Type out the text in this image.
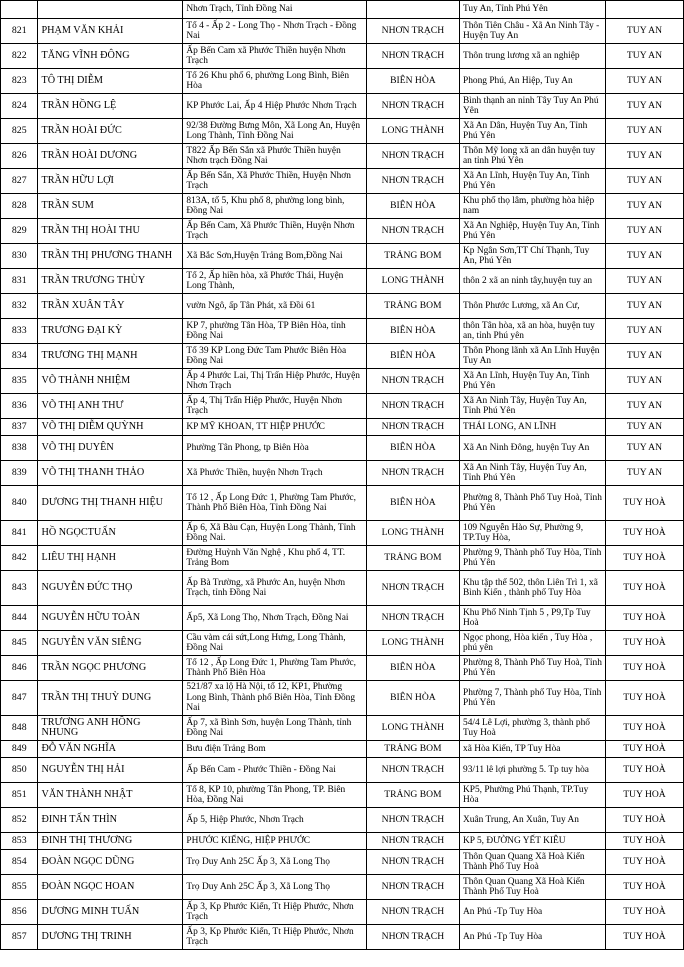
		Nhơn Trạch, Tỉnh Đồng Nai		Tuy An, Tỉnh Phú Yên	
821	PHẠM VĂN KHẢI	Tổ 4 - Ấp 2 - Long Thọ - Nhơn Trạch - Đồng Nai	NHƠN TRẠCH	Thôn Tiên Châu - Xã An Ninh Tây - Huyện Tuy An	TUY AN
822	TĂNG VĨNH ĐÔNG	Ấp Bến Cam xã Phước Thiền huyện Nhơn Trạch	NHƠN TRẠCH	Thôn trung lương xã an nghiệp	TUY AN
823	TÔ THỊ DIỄM	Tổ 26 Khu phố 6, phường Long Bình, Biên Hòa	BIÊN HÒA	Phong Phú, An Hiệp, Tuy An	TUY AN
824	TRẦN HỒNG LỆ	KP Phước Lai, Ấp 4 Hiệp Phước Nhơn Trạch	NHƠN TRẠCH	Bình thạnh an ninh Tây Tuy An Phú Yên	TUY AN
825	TRẦN HOÀI ĐỨC	92/38 Đường Bưng Môn, Xã Long An, Huyện Long Thành, Tỉnh Đồng Nai	LONG THÀNH	Xã An Dân, Huyện Tuy An, Tỉnh Phú Yên	TUY AN
826	TRẦN HOÀI DƯƠNG	T822 Ấp Bến Sắn xã Phước Thiền huyện Nhơn trạch Đồng Nai	NHƠN TRẠCH	Thôn Mỹ long xã an dân huyện tuy an tỉnh Phú Yên	TUY AN
827	TRẦN HỮU LỢI	Ấp Bến Sắn, Xã Phước Thiền, Huyện Nhơn Trạch	NHƠN TRẠCH	Xã An Lĩnh, Huyện Tuy An, Tỉnh Phú Yên	TUY AN
828	TRẦN SUM	813A, tổ 5, Khu phố 8, phường long bình, Đồng Nai	BIÊN HÒA	Khu phố thọ lâm, phường hòa hiệp nam	TUY AN
829	TRẦN THỊ HOÀI THU	Ấp Bến Cam, Xã Phước Thiền, Huyện Nhơn Trạch	NHƠN TRẠCH	Xã An Nghiệp, Huyện Tuy An, Tỉnh Phú Yên	TUY AN
830	TRẦN THỊ PHƯƠNG THANH	Xã Bắc Sơn,Huyện Trảng Bom,Đồng Nai	TRẢNG BOM	Kp Ngân Sơn,TT Chí Thạnh, Tuy An, Phú Yên	TUY AN
831	TRẦN TRƯƠNG THÙY	Tổ 2, Ấp hiền hòa, xã Phước Thái, Huyện Long Thành,	LONG THÀNH	thôn 2 xã an ninh tây,huyện tuy an	TUY AN
832	TRẦN XUÂN TÂY	vườn Ngô, ấp Tân Phát, xã Đồi 61	TRẢNG BOM	Thôn Phước Lương, xã An Cư,	TUY AN
833	TRƯƠNG ĐẠI KỲ	KP 7, phường Tân Hòa, TP Biên Hòa, tỉnh Đồng Nai	BIÊN HÒA	thôn Tân hòa, xã an hòa, huyện tuy an, tỉnh Phú yên	TUY AN
834	TRƯƠNG THỊ MẠNH	Tổ 39 KP Long Đức Tam Phước Biên Hòa Đồng Nai	BIÊN HÒA	Thôn Phong lãnh xã An Lĩnh Huyện Tuy An	TUY AN
835	VÕ THÀNH NHIỆM	Ấp 4 Phước Lai, Thị Trấn Hiệp Phước, Huyện Nhơn Trạch	NHƠN TRẠCH	Xã An Lĩnh, Huyện Tuy An, Tỉnh Phú Yên	TUY AN
836	VÕ THỊ ANH THƯ	Ấp 4, Thị Trấn Hiệp Phước, Huyện Nhơn Trạch	NHƠN TRẠCH	Xã An Ninh Tây, Huyện Tuy An, Tỉnh Phú Yên	TUY AN
837	VÕ THỊ DIỄM QUỲNH	KP MỸ KHOAN, TT HIỆP PHƯỚC	NHƠN TRẠCH	THÁI LONG, AN LĨNH	TUY AN
838	VÕ THỊ DUYÊN	Phường Tân Phong, tp Biên Hòa	BIÊN HÒA	Xã An Ninh Đông, huyện Tuy An	TUY AN
839	VÕ THỊ THANH THẢO	Xã Phước Thiền, huyện Nhơn Trạch	NHƠN TRẠCH	Xã An Ninh Tây, Huyện Tuy An, Tỉnh Phú Yên	TUY AN
840	DƯƠNG THỊ THANH HIỆU	Tổ 12 , Ấp Long Đức 1, Phường Tam Phước, Thành Phố Biên Hòa, Tỉnh Đồng Nai	BIÊN HÒA	Phường 8, Thành Phố Tuy Hoà, Tỉnh Phú Yên	TUY HOÀ
841	HỒ NGỌCTUẤN	Ấp 6, Xã Bàu Cạn, Huyện Long Thành, Tỉnh Đồng Nai.	LONG THÀNH	109 Nguyễn Hào Sự, Phường 9, TP.Tuy Hòa,	TUY HOÀ
842	LIÊU THỊ HẠNH	Đường Huỳnh Văn Nghệ , Khu phố 4, TT. Trảng Bom	TRẢNG BOM	Phường 9, Thành phố Tuy Hòa, Tỉnh Phú Yên	TUY HOÀ
843	NGUYỄN ĐỨC THỌ	Ấp Bà Trường, xã Phước An, huyện Nhơn Trạch, tỉnh Đồng Nai	NHƠN TRẠCH	Khu tập thể 502, thôn Liên Trì 1, xã Bình Kiến , thành phố Tuy Hòa	TUY HOÀ
844	NGUYỄN HỮU TOÀN	Ấp5, Xã Long Thọ, Nhơn Trạch, Đồng Nai	NHƠN TRẠCH	Khu Phố Ninh Tịnh 5 , P9,Tp Tuy Hoà	TUY HOÀ
845	NGUYỄN VĂN SIÊNG	Cầu vàm cái sứt,Long Hưng, Long Thành, Đồng Nai	LONG THÀNH	Ngọc phong, Hòa kiến , Tuy Hòa , phú yên	TUY HOÀ
846	TRẦN NGỌC PHƯƠNG	Tổ 12 , Ấp Long Đức 1, Phường Tam Phước, Thành Phố Biên Hòa	BIÊN HÒA	Phường 8, Thành Phố Tuy Hoà, Tỉnh Phú Yên	TUY HOÀ
847	TRẦN THỊ THUỲ DUNG	521/87 xa lộ Hà Nội, tổ 12, KP1, Phường Long Bình, Thành phố Biên Hòa, Tỉnh Đồng Nai	BIÊN HÒA	Phường 7, Thành phố Tuy Hòa, Tỉnh Phú Yên	TUY HOÀ
848	TRƯƠNG ANH HỒNG NHUNG	Ấp 7, xã Bình Sơn, huyện Long Thành, tỉnh Đồng Nai	LONG THÀNH	54/4 Lê Lợi, phường 3, thành phố Tuy Hoà	TUY HOÀ
849	ĐỖ VĂN NGHĨA	Bưu điện Trảng Bom	TRẢNG BOM	xã Hòa Kiến, TP Tuy Hòa	TUY HOÀ
850	NGUYỄN THỊ HẢI	Ấp Bến Cam - Phước Thiền - Đồng Nai	NHƠN TRẠCH	93/11 lê lợi phường 5. Tp tuy hòa	TUY HOÀ
851	VĂN THÀNH NHẬT	Tổ 8, KP 10, phường Tân Phong, TP. Biên Hòa, Đồng Nai	TRẢNG BOM	KP5, Phường Phú Thạnh, TP.Tuy Hòa	TUY HOÀ
852	ĐINH TẤN THÌN	Ấp 5, Hiệp Phước, Nhơn Trạch	NHƠN TRẠCH	Xuân Trung, An Xuân, Tuy An	TUY HOÀ
853	ĐINH THỊ THƯƠNG	PHƯỚC KIỂNG, HIỆP PHƯỚC	NHƠN TRẠCH	KP 5, ĐƯỜNG YẾT KIÊU	TUY HOÀ
854	ĐOÀN NGỌC DŨNG	Trọ Duy Anh 25C Ấp 3, Xã Long Thọ	NHƠN TRẠCH	Thôn Quan Quang Xã Hoà Kiến Thành Phố Tuy Hoà	TUY HOÀ
855	ĐOÀN NGỌC HOAN	Trọ Duy Anh 25C Ấp 3, Xã Long Thọ	NHƠN TRẠCH	Thôn Quan Quang Xã Hoà Kiến Thành Phố Tuy Hoà	TUY HOÀ
856	DƯƠNG MINH TUẤN	Ấp 3, Kp Phước Kiển, Tt Hiệp Phước, Nhơn Trạch	NHƠN TRẠCH	An Phú -Tp Tuy Hòa	TUY HOÀ
857	DƯƠNG THỊ TRINH	Ấp 3, Kp Phước Kiển, Tt Hiệp Phước, Nhơn Trạch	NHƠN TRẠCH	An Phú -Tp Tuy Hòa	TUY HOÀ
